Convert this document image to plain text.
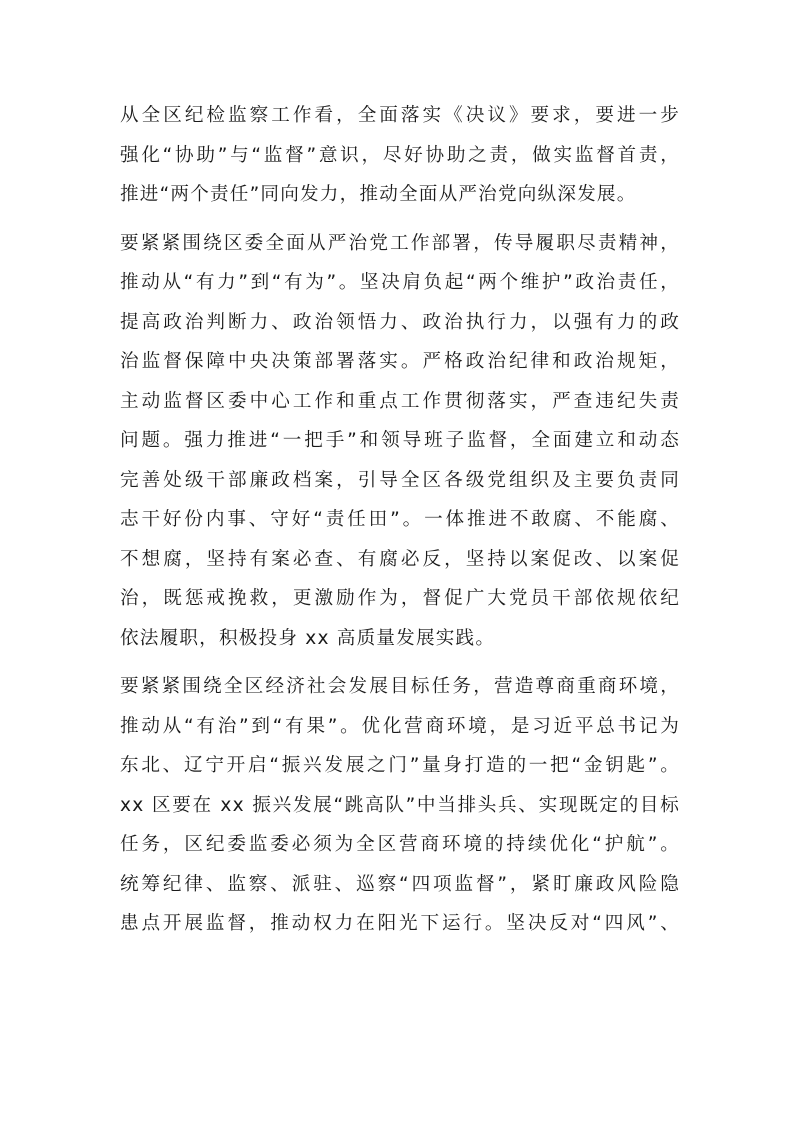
从全区纪检监察工作看，全面落实《决议》要求，要进一步
强化“协助”与“监督”意识，尽好协助之责，做实监督首责，
推进“两个责任”同向发力，推动全面从严治党向纵深发展。
要紧紧围绕区委全面从严治党工作部署，传导履职尽责精神，
推动从“有力”到“有为”。坚决肩负起“两个维护”政治责任，
提高政治判断力、政治领悟力、政治执行力，以强有力的政
治监督保障中央决策部署落实。严格政治纪律和政治规矩，
主动监督区委中心工作和重点工作贯彻落实，严查违纪失责
问题。强力推进“一把手”和领导班子监督，全面建立和动态
完善处级干部廉政档案，引导全区各级党组织及主要负责同
志干好份内事、守好“责任田”。一体推进不敢腐、不能腐、
不想腐，坚持有案必查、有腐必反，坚持以案促改、以案促
治，既惩戒挽救，更激励作为，督促广大党员干部依规依纪
依法履职，积极投身 xx 高质量发展实践。
要紧紧围绕全区经济社会发展目标任务，营造尊商重商环境，
推动从“有治”到“有果”。优化营商环境，是习近平总书记为
东北、辽宁开启“振兴发展之门”量身打造的一把“金钥匙”。
xx 区要在 xx 振兴发展“跳高队”中当排头兵、实现既定的目标
任务，区纪委监委必须为全区营商环境的持续优化“护航”。
统筹纪律、监察、派驻、巡察“四项监督”，紧盯廉政风险隐
患点开展监督，推动权力在阳光下运行。坚决反对“四风”、
